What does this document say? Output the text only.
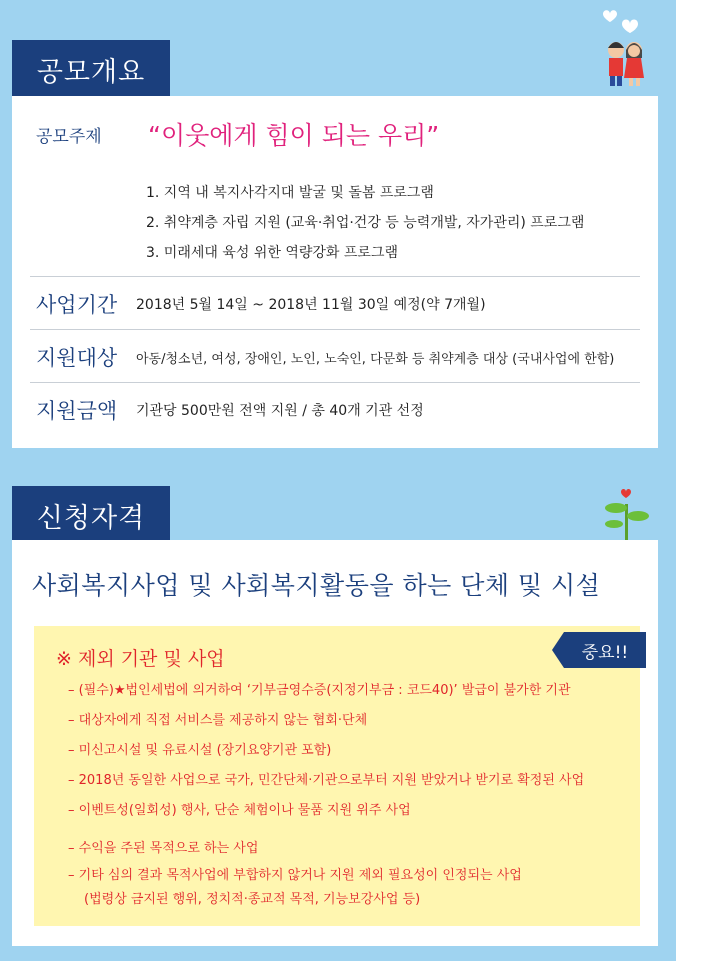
공모개요
공모주제	“이웃에게 힘이 되는 우리”
1. 지역 내 복지사각지대 발굴 및 돌봄 프로그램
2. 취약계층 자립 지원 (교육·취업·건강 등 능력개발, 자가관리) 프로그램
3. 미래세대 육성 위한 역량강화 프로그램
사업기간	2018년 5월 14일 ~ 2018년 11월 30일 예정(약 7개월)
지원대상	아동/청소년, 여성, 장애인, 노인, 노숙인, 다문화 등 취약계층 대상 (국내사업에 한함)
지원금액	기관당 500만원 전액 지원 / 총 40개 기관 선정
신청자격
사회복지사업 및 사회복지활동을 하는 단체 및 시설
※ 제외 기관 및 사업	중요!!
– (필수)★법인세법에 의거하여 ‘기부금영수증(지정기부금 : 코드40)’ 발급이 불가한 기관
– 대상자에게 직접 서비스를 제공하지 않는 협회·단체
– 미신고시설 및 유료시설 (장기요양기관 포함)
– 2018년 동일한 사업으로 국가, 민간단체·기관으로부터 지원 받았거나 받기로 확정된 사업
– 이벤트성(일회성) 행사, 단순 체험이나 물품 지원 위주 사업
– 수익을 주된 목적으로 하는 사업
– 기타 심의 결과 목적사업에 부합하지 않거나 지원 제외 필요성이 인정되는 사업
(법령상 금지된 행위, 정치적·종교적 목적, 기능보강사업 등)
